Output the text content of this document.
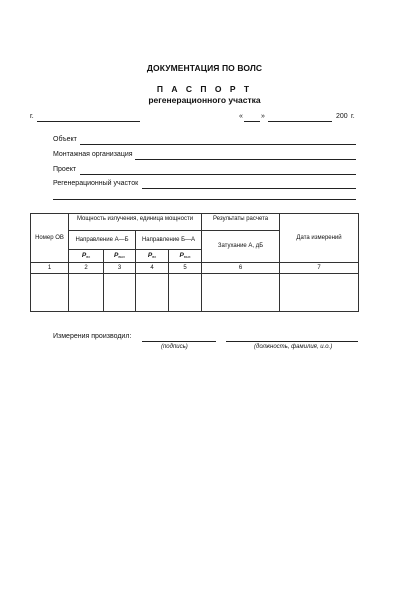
ДОКУМЕНТАЦИЯ ПО ВОЛС
П А С П О Р Т
регенерационного участка
г.	«	»	200 г.
Объект
Монтажная организация
Проект
Регенерационный участок
Номер ОВ	Мощность излучения, единица мощности				Результаты расчета	Дата измерений
	Направление А—Б		Направление Б—А		Затухание А, дБ	
	$P_{вх}$	$P_{вых}$	$P_{вх}$	$P_{вых}$
1	2	3	4	5	6	7

Измерения производил:
(подпись)	(должность, фамилия, и.о.)
